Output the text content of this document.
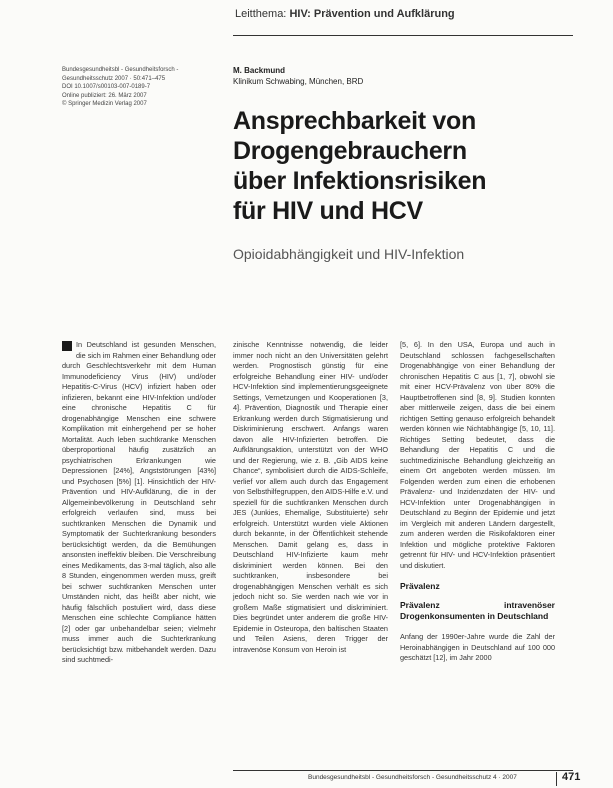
Leitthema: HIV: Prävention und Aufklärung
Bundesgesundheitsbl - Gesundheitsforsch -
Gesundheitsschutz 2007 · 50:471–475
DOI 10.1007/s00103-007-0189-7
Online publiziert: 26. März 2007
© Springer Medizin Verlag 2007
M. Backmund
Klinikum Schwabing, München, BRD
Ansprechbarkeit von
Drogengebrauchern
über Infektionsrisiken
für HIV und HCV
Opioidabhängigkeit und HIV-Infektion

In Deutschland ist gesunden Menschen, die sich im Rahmen einer Behandlung oder durch Geschlechtsverkehr mit dem Human Immunodeficiency Virus (HIV) und/oder Hepatitis-C-Virus (HCV) infiziert haben oder infizieren, bekannt eine HIV-Infektion und/oder eine chronische Hepatitis C für drogenabhängige Menschen eine schwere Komplikation mit einhergehend per se hoher Mortalität. Auch leben suchtkranke Menschen überproportional häufig zusätzlich an psychiatrischen Erkrankungen wie Depressionen [24%], Angststörungen [43%] und Psychosen [5%] [1]. Hinsichtlich der HIV-Prävention und HIV-Aufklärung, die in der Allgemeinbevölkerung in Deutschland sehr erfolgreich verlaufen sind, muss bei suchtkranken Menschen die Dynamik und Symptomatik der Suchterkrankung besonders berücksichtigt werden, da die Bemühungen ansonsten ineffektiv bleiben. Die Verschreibung eines Medikaments, das 3-mal täglich, also alle 8 Stunden, eingenommen werden muss, greift bei schwer suchtkranken Menschen unter Umständen nicht, das heißt aber nicht, wie häufig fälschlich postuliert wird, dass diese Menschen eine schlechte Compliance hätten [2] oder gar unbehandelbar seien; vielmehr muss immer auch die Suchterkrankung berücksichtigt bzw. mitbehandelt werden. Dazu sind suchtmedi-

zinische Kenntnisse notwendig, die leider immer noch nicht an den Universitäten gelehrt werden. Prognostisch günstig für eine erfolgreiche Behandlung einer HIV- und/oder HCV-Infektion sind implementierungsgeeignete Settings, Vernetzungen und Kooperationen [3, 4]. Prävention, Diagnostik und Therapie einer Erkrankung werden durch Stigmatisierung und Diskriminierung erschwert. Anfangs waren davon alle HIV-Infizierten betroffen. Die Aufklärungsaktion, unterstützt von der WHO und der Regierung, wie z. B. „Gib AIDS keine Chance“, symbolisiert durch die AIDS-Schleife, verlief vor allem auch durch das Engagement von Selbsthilfegruppen, den AIDS-Hilfe e.V. und speziell für die suchtkranken Menschen durch JES (Junkies, Ehemalige, Substituierte) sehr erfolgreich. Unterstützt wurden viele Aktionen durch bekannte, in der Öffentlichkeit stehende Menschen. Damit gelang es, dass in Deutschland HIV-Infizierte kaum mehr diskriminiert werden können. Bei den suchtkranken, insbesondere bei drogenabhängigen Menschen verhält es sich jedoch nicht so. Sie werden nach wie vor in großem Maße stigmatisiert und diskriminiert. Dies begründet unter anderem die große HIV-Epidemie in Osteuropa, den baltischen Staaten und Teilen Asiens, deren Trigger der intravenöse Konsum von Heroin ist

[5, 6]. In den USA, Europa und auch in Deutschland schlossen fachgesellschaften Drogenabhängige von einer Behandlung der chronischen Hepatitis C aus [1, 7], obwohl sie mit einer HCV-Prävalenz von über 80% die Hauptbetroffenen sind [8, 9]. Studien konnten aber mittlerweile zeigen, dass die bei einem richtigen Setting genauso erfolgreich behandelt werden können wie Nichtabhängige [5, 10, 11]. Richtiges Setting bedeutet, dass die Behandlung der Hepatitis C und die suchtmedizinische Behandlung gleichzeitig an einem Ort angeboten werden müssen. Im Folgenden werden zum einen die erhobenen Prävalenz- und Inzidenzdaten der HIV- und HCV-Infektion unter Drogenabhängigen in Deutschland zu Beginn der Epidemie und jetzt im Vergleich mit anderen Ländern dargestellt, zum anderen werden die Risikofaktoren einer Infektion und mögliche protektive Faktoren getrennt für HIV- und HCV-Infektion präsentiert und diskutiert.

Prävalenz
Prävalenz intravenöser Drogenkonsumenten in Deutschland

Anfang der 1990er-Jahre wurde die Zahl der Heroinabhängigen in Deutschland auf 100 000 geschätzt [12], im Jahr 2000

Bundesgesundheitsbl - Gesundheitsforsch - Gesundheitsschutz 4 · 2007	471
